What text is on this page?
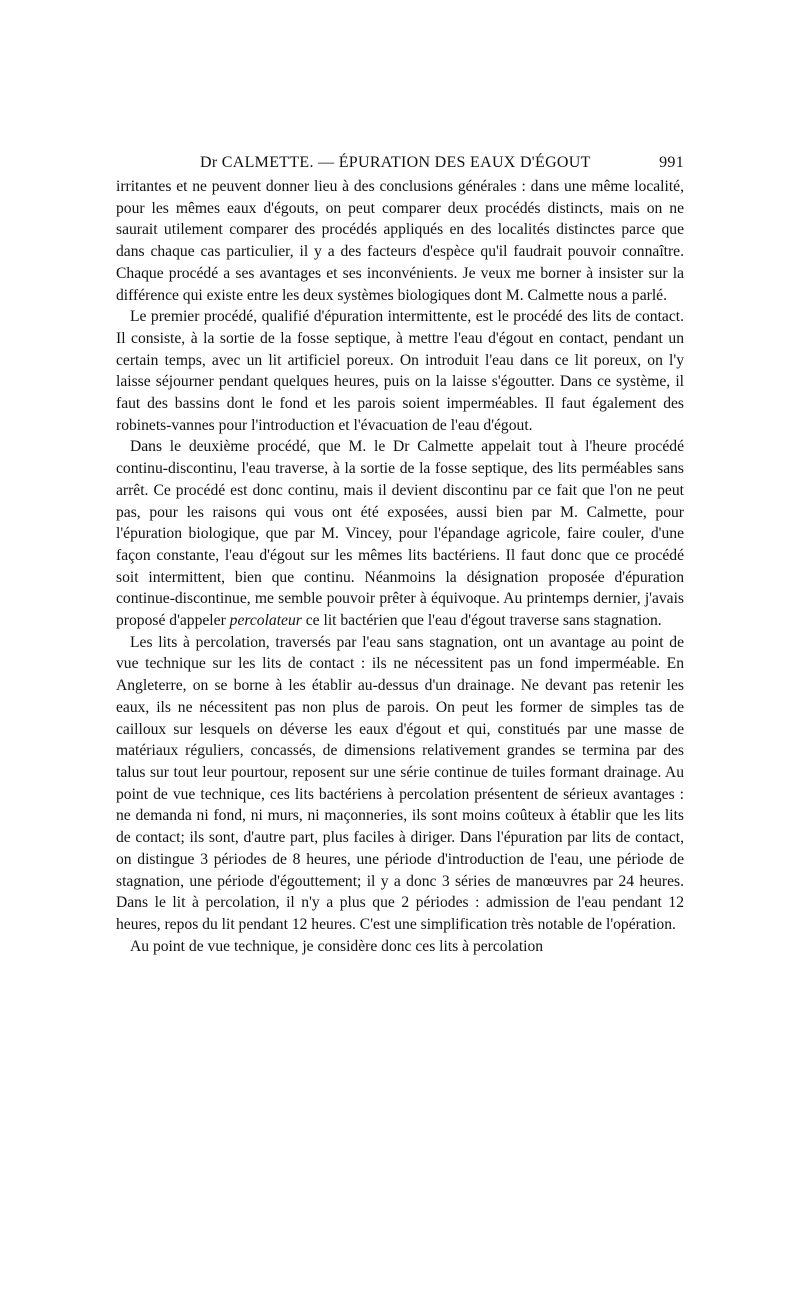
Dr CALMETTE. — ÉPURATION DES EAUX D'ÉGOUT	991

irritantes et ne peuvent donner lieu à des conclusions générales : dans une même localité, pour les mêmes eaux d'égouts, on peut comparer deux procédés distincts, mais on ne saurait utilement comparer des procédés appliqués en des localités distinctes parce que dans chaque cas particulier, il y a des facteurs d'espèce qu'il faudrait pouvoir connaître. Chaque procédé a ses avantages et ses inconvénients. Je veux me borner à insister sur la différence qui existe entre les deux systèmes biologiques dont M. Calmette nous a parlé.

Le premier procédé, qualifié d'épuration intermittente, est le procédé des lits de contact. Il consiste, à la sortie de la fosse septique, à mettre l'eau d'égout en contact, pendant un certain temps, avec un lit artificiel poreux. On introduit l'eau dans ce lit poreux, on l'y laisse séjourner pendant quelques heures, puis on la laisse s'égoutter. Dans ce système, il faut des bassins dont le fond et les parois soient imperméables. Il faut également des robinets-vannes pour l'introduction et l'évacuation de l'eau d'égout.

Dans le deuxième procédé, que M. le Dr Calmette appelait tout à l'heure procédé continu-discontinu, l'eau traverse, à la sortie de la fosse septique, des lits perméables sans arrêt. Ce procédé est donc continu, mais il devient discontinu par ce fait que l'on ne peut pas, pour les raisons qui vous ont été exposées, aussi bien par M. Calmette, pour l'épuration biologique, que par M. Vincey, pour l'épandage agricole, faire couler, d'une façon constante, l'eau d'égout sur les mêmes lits bactériens. Il faut donc que ce procédé soit intermittent, bien que continu. Néanmoins la désignation proposée d'épuration continue-discontinue, me semble pouvoir prêter à équivoque. Au printemps dernier, j'avais proposé d'appeler percolateur ce lit bactérien que l'eau d'égout traverse sans stagnation.

Les lits à percolation, traversés par l'eau sans stagnation, ont un avantage au point de vue technique sur les lits de contact : ils ne nécessitent pas un fond imperméable. En Angleterre, on se borne à les établir au-dessus d'un drainage. Ne devant pas retenir les eaux, ils ne nécessitent pas non plus de parois. On peut les former de simples tas de cailloux sur lesquels on déverse les eaux d'égout et qui, constitués par une masse de matériaux réguliers, concassés, de dimensions relativement grandes se termina par des talus sur tout leur pourtour, reposent sur une série continue de tuiles formant drainage. Au point de vue technique, ces lits bactériens à percolation présentent de sérieux avantages : ne demanda ni fond, ni murs, ni maçonneries, ils sont moins coûteux à établir que les lits de contact; ils sont, d'autre part, plus faciles à diriger. Dans l'épuration par lits de contact, on distingue 3 périodes de 8 heures, une période d'introduction de l'eau, une période de stagnation, une période d'égouttement; il y a donc 3 séries de manœuvres par 24 heures. Dans le lit à percolation, il n'y a plus que 2 périodes : admission de l'eau pendant 12 heures, repos du lit pendant 12 heures. C'est une simplification très notable de l'opération.

Au point de vue technique, je considère donc ces lits à percolation
